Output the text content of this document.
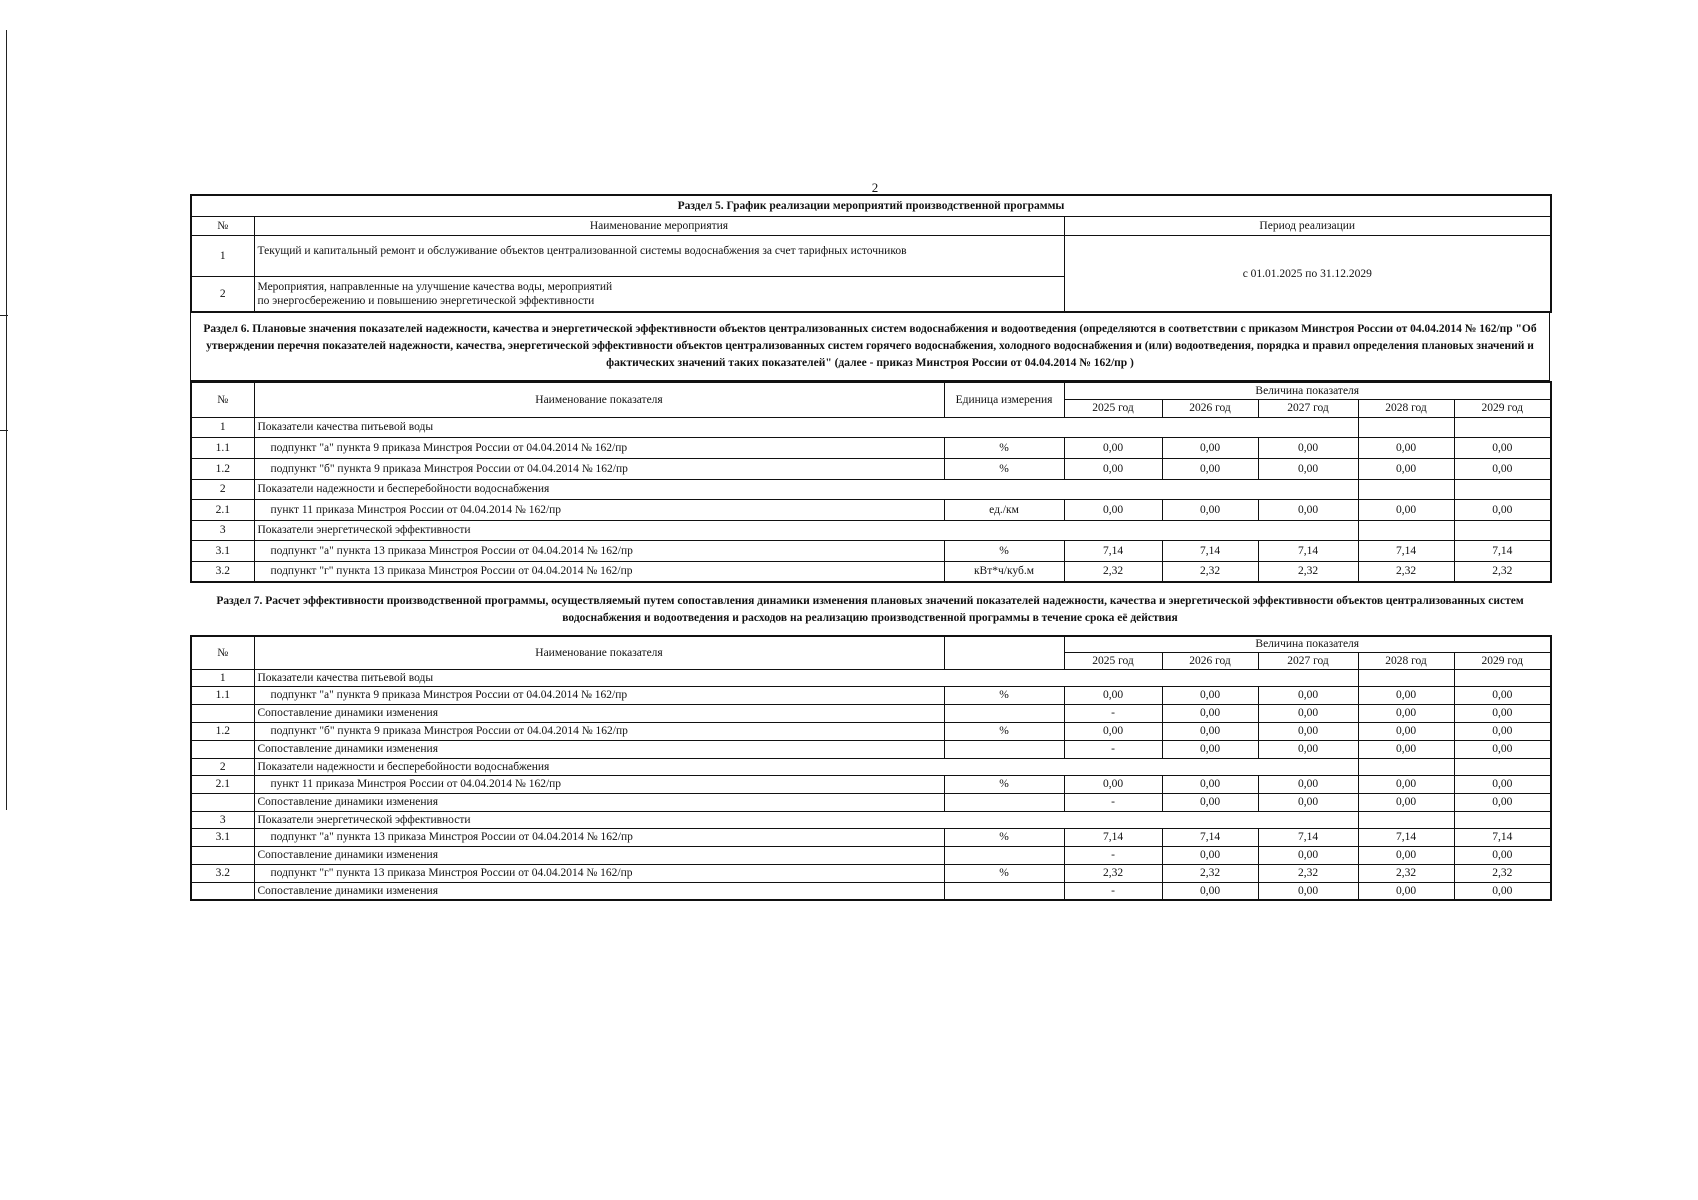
2
Раздел 5. График реализации мероприятий производственной программы		
№	Наименование мероприятия	Период реализации
1	Текущий и капитальный ремонт и обслуживание объектов централизованной системы водоснабжения за счет тарифных источников	с 01.01.2025 по 31.12.2029
2	Мероприятия, направленные на улучшение качества воды, мероприятий
по энергосбережению и повышению энергетической эффективности	
Раздел 6. Плановые значения показателей надежности, качества и энергетической эффективности объектов централизованных систем водоснабжения и водоотведения (определяются в соответствии с приказом Минстроя России от 04.04.2014 № 162/пр "Об утверждении перечня показателей надежности, качества, энергетической эффективности объектов централизованных систем горячего водоснабжения, холодного водоснабжения и (или) водоотведения, порядка и правил определения плановых значений и фактических значений таких показателей" (далее - приказ Минстроя России от 04.04.2014 № 162/пр )
№	Наименование показателя	Единица измерения	Величина показателя				
			2025 год	2026 год	2027 год	2028 год	2029 год
1	Показатели качества питьевой воды						
1.1	подпункт "а" пункта 9 приказа Минстроя России от 04.04.2014 № 162/пр	%	0,00	0,00	0,00	0,00	0,00
1.2	подпункт "б" пункта 9 приказа Минстроя России от 04.04.2014 № 162/пр	%	0,00	0,00	0,00	0,00	0,00
2	Показатели надежности и бесперебойности водоснабжения						
2.1	пункт 11 приказа Минстроя России от 04.04.2014 № 162/пр	ед./км	0,00	0,00	0,00	0,00	0,00
3	Показатели энергетической эффективности						
3.1	подпункт "а" пункта 13 приказа Минстроя России от 04.04.2014 № 162/пр	%	7,14	7,14	7,14	7,14	7,14
3.2	подпункт "г" пункта 13 приказа Минстроя России от 04.04.2014 № 162/пр	кВт*ч/куб.м	2,32	2,32	2,32	2,32	2,32
Раздел 7. Расчет эффективности производственной программы, осуществляемый путем сопоставления динамики изменения плановых значений показателей надежности, качества и энергетической эффективности объектов централизованных систем водоснабжения и водоотведения и расходов на реализацию производственной программы в течение срока её действия
№	Наименование показателя		Величина показателя				
			2025 год	2026 год	2027 год	2028 год	2029 год
1	Показатели качества питьевой воды						
1.1	подпункт "а" пункта 9 приказа Минстроя России от 04.04.2014 № 162/пр	%	0,00	0,00	0,00	0,00	0,00
	Сопоставление динамики изменения		-	0,00	0,00	0,00	0,00
1.2	подпункт "б" пункта 9 приказа Минстроя России от 04.04.2014 № 162/пр	%	0,00	0,00	0,00	0,00	0,00
	Сопоставление динамики изменения		-	0,00	0,00	0,00	0,00
2	Показатели надежности и бесперебойности водоснабжения						
2.1	пункт 11 приказа Минстроя России от 04.04.2014 № 162/пр	%	0,00	0,00	0,00	0,00	0,00
	Сопоставление динамики изменения		-	0,00	0,00	0,00	0,00
3	Показатели энергетической эффективности						
3.1	подпункт "а" пункта 13 приказа Минстроя России от 04.04.2014 № 162/пр	%	7,14	7,14	7,14	7,14	7,14
	Сопоставление динамики изменения		-	0,00	0,00	0,00	0,00
3.2	подпункт "г" пункта 13 приказа Минстроя России от 04.04.2014 № 162/пр	%	2,32	2,32	2,32	2,32	2,32
	Сопоставление динамики изменения		-	0,00	0,00	0,00	0,00
